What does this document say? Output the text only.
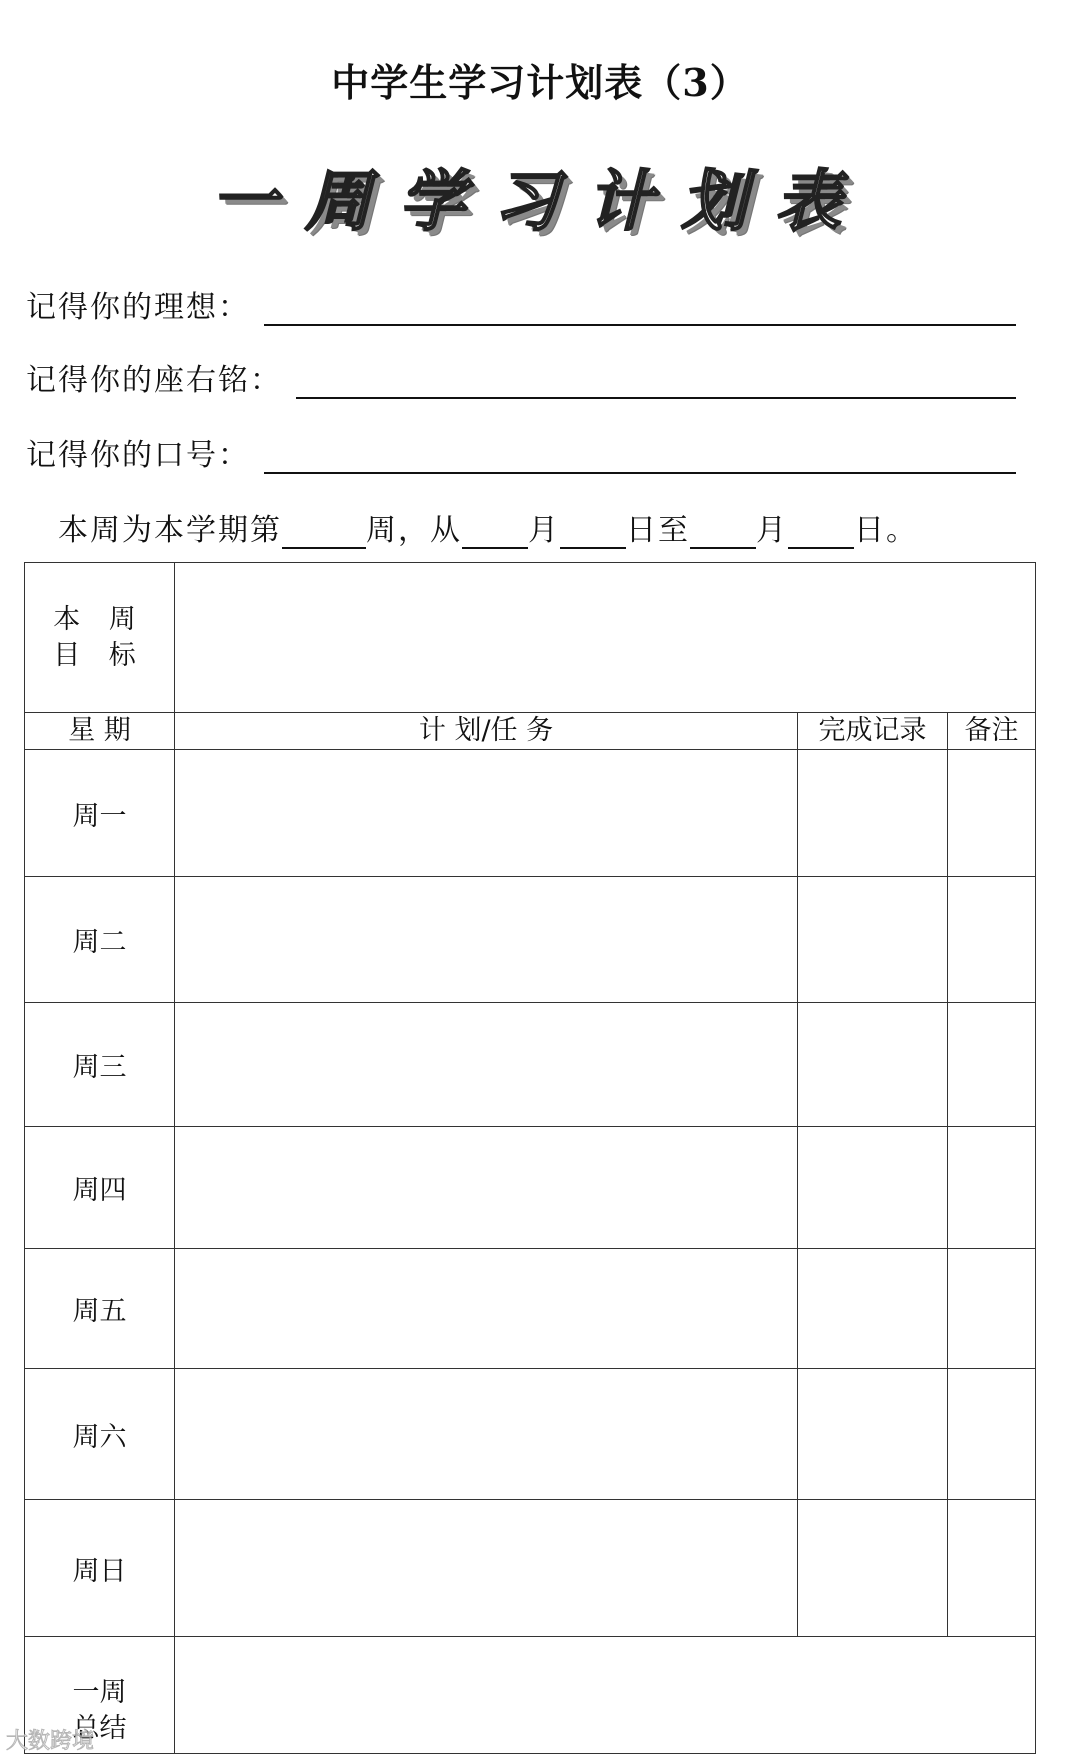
中学生学习计划表（3）
一周学习计划表
记得你的理想：
记得你的座右铭：
记得你的口号：
本周为本学期第	周，从 月 日至 月 日。
本 周
目 标			

星 期	计 划/任 务	完成记录	备注
周一			
周二			
周三			
周四			
周五			
周六			
周日			

一周
总结			

大数跨境
